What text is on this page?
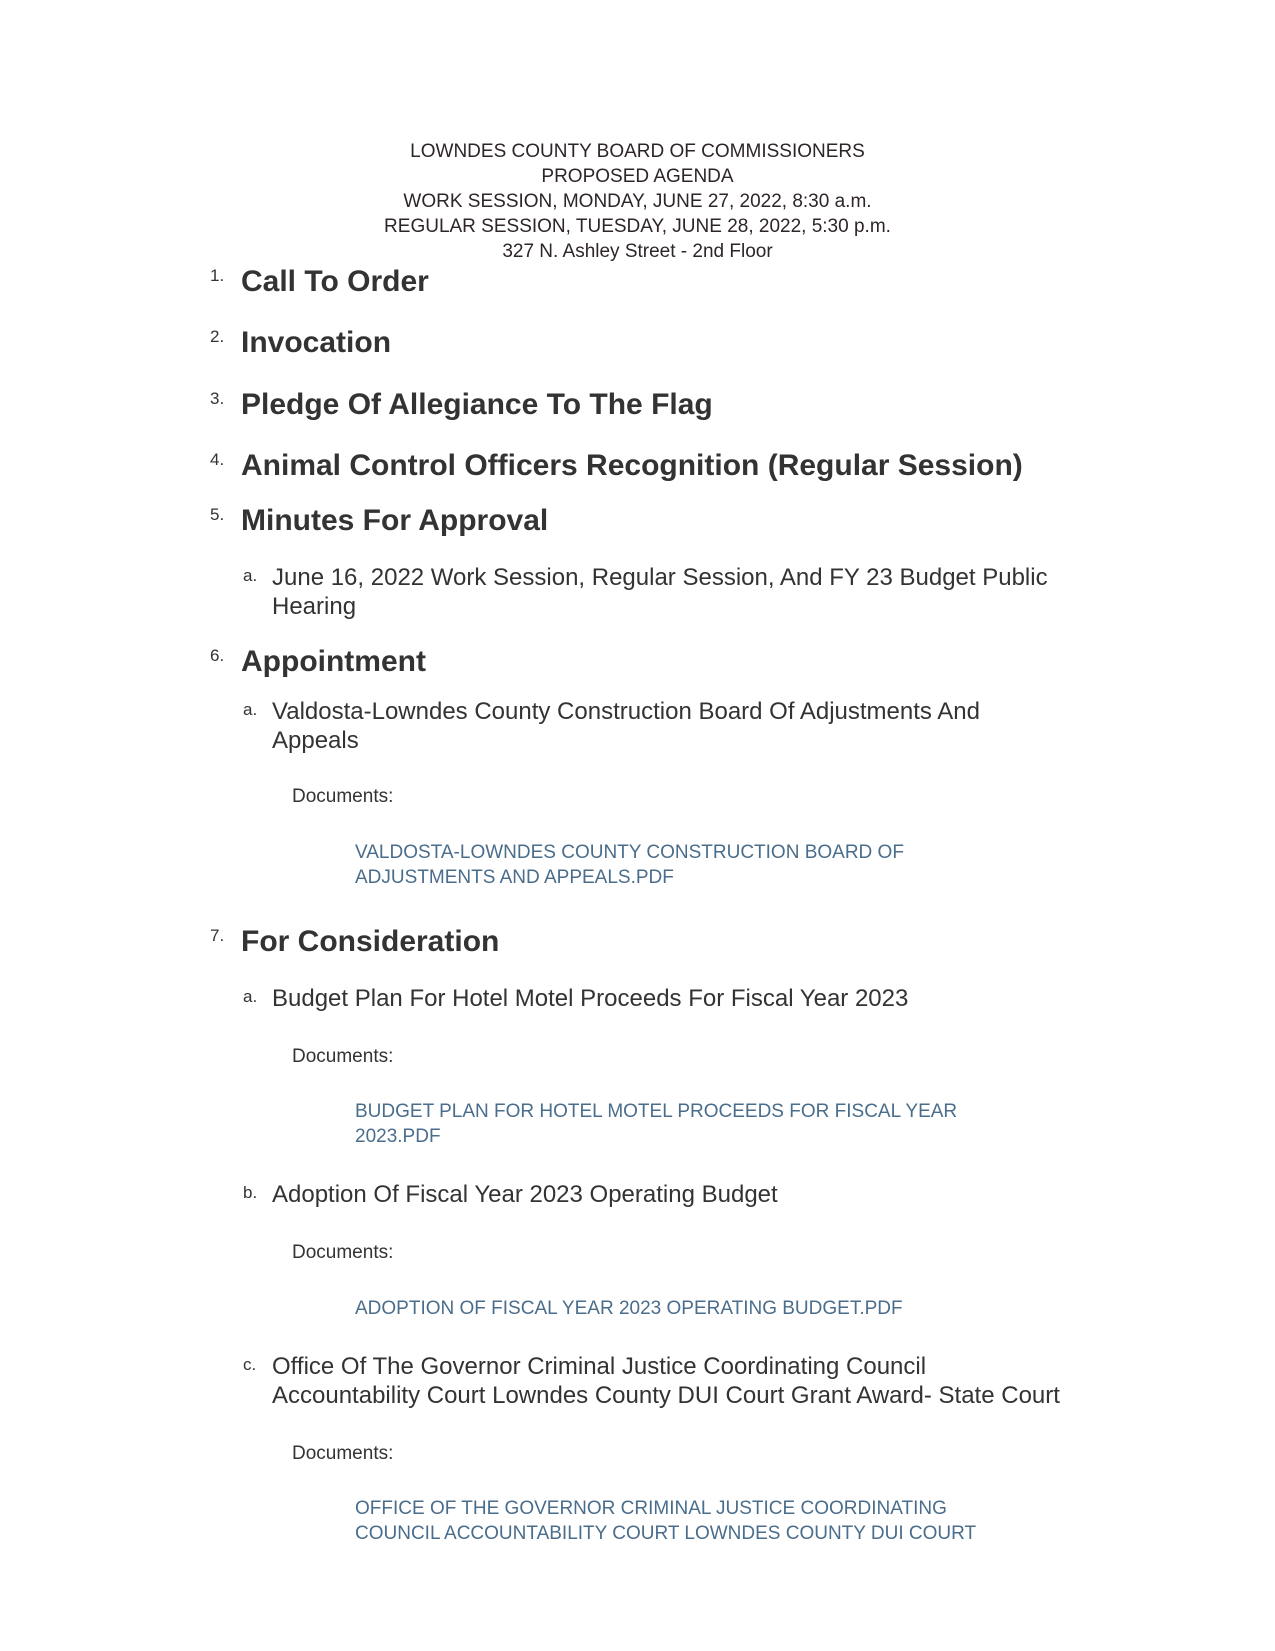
LOWNDES COUNTY BOARD OF COMMISSIONERS
PROPOSED AGENDA
WORK SESSION, MONDAY, JUNE 27, 2022, 8:30 a.m.
REGULAR SESSION, TUESDAY, JUNE 28, 2022, 5:30 p.m.
327 N. Ashley Street - 2nd Floor
1. Call To Order
2. Invocation
3. Pledge Of Allegiance To The Flag
4. Animal Control Officers Recognition (Regular Session)
5. Minutes For Approval
a. June 16, 2022 Work Session, Regular Session, And FY 23 Budget Public
Hearing
6. Appointment
a. Valdosta-Lowndes County Construction Board Of Adjustments And
Appeals
Documents:
VALDOSTA-LOWNDES COUNTY CONSTRUCTION BOARD OF
ADJUSTMENTS AND APPEALS.PDF
7. For Consideration
a. Budget Plan For Hotel Motel Proceeds For Fiscal Year 2023
Documents:
BUDGET PLAN FOR HOTEL MOTEL PROCEEDS FOR FISCAL YEAR
2023.PDF
b. Adoption Of Fiscal Year 2023 Operating Budget
Documents:
ADOPTION OF FISCAL YEAR 2023 OPERATING BUDGET.PDF
c. Office Of The Governor Criminal Justice Coordinating Council
Accountability Court Lowndes County DUI Court Grant Award- State Court
Documents:
OFFICE OF THE GOVERNOR CRIMINAL JUSTICE COORDINATING
COUNCIL ACCOUNTABILITY COURT LOWNDES COUNTY DUI COURT
